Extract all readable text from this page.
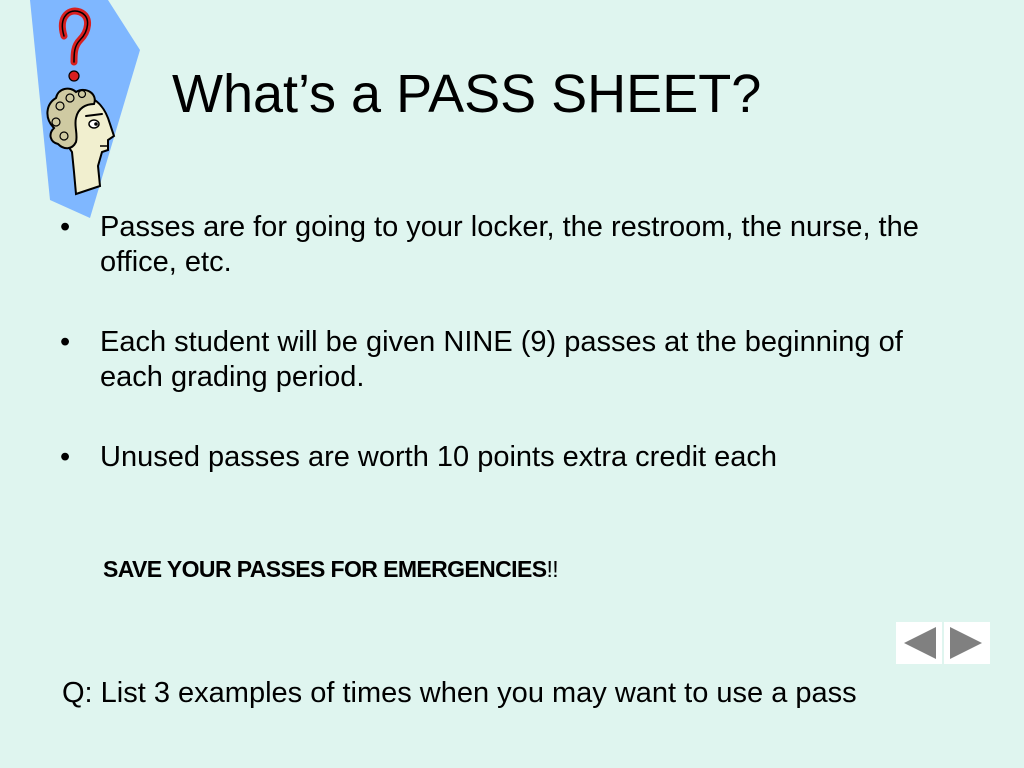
What’s a PASS SHEET?
• Passes are for going to your locker, the restroom, the nurse, the office, etc.
• Each student will be given NINE (9) passes at the beginning of each grading period.
• Unused passes are worth 10 points extra credit each
SAVE YOUR PASSES FOR EMERGENCIES!!
Q: List 3 examples of times when you may want to use a pass
